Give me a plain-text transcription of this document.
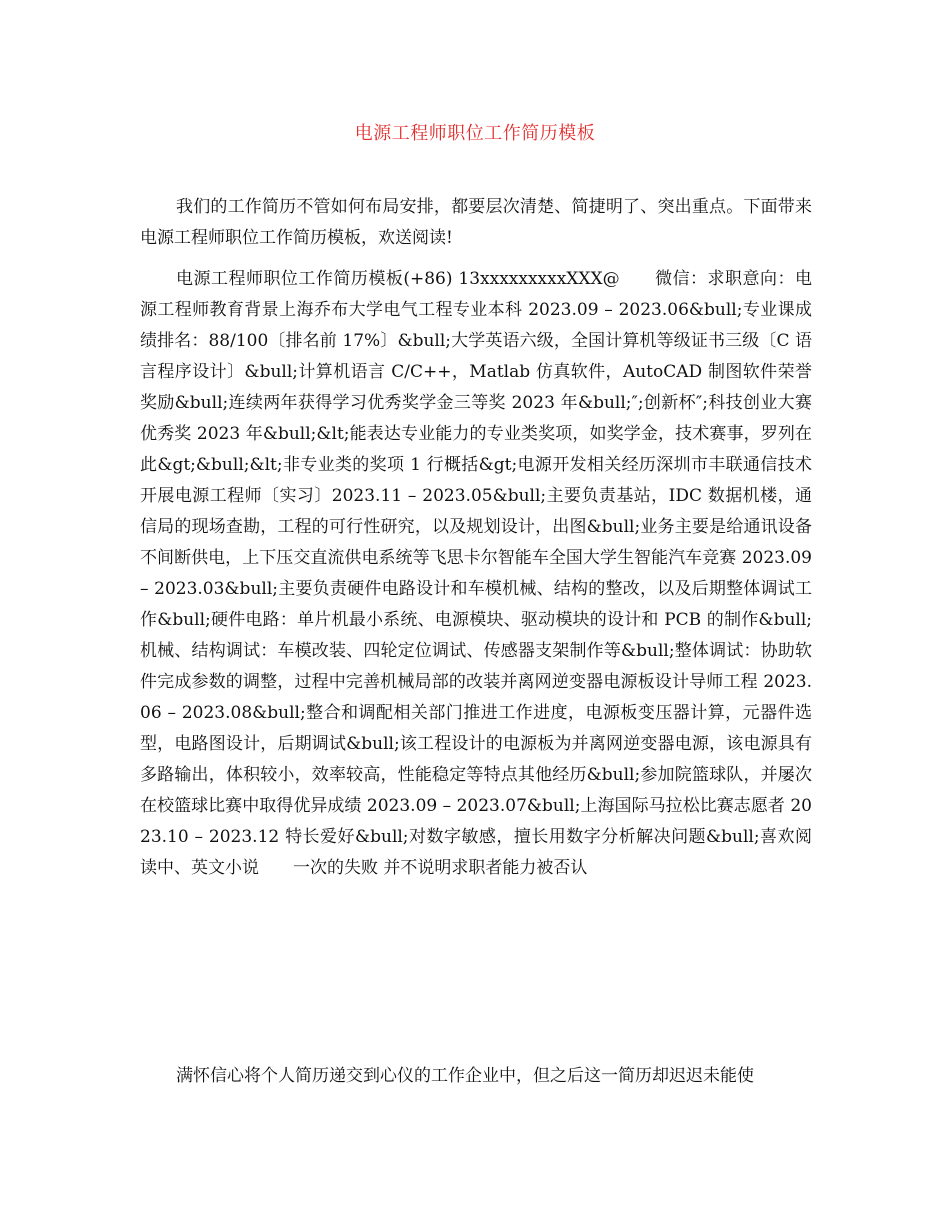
电源工程师职位工作简历模板

我们的工作简历不管如何布局安排，都要层次清楚、简捷明了、突出重点。下面带来电源工程师职位工作简历模板，欢送阅读!

电源工程师职位工作简历模板(+86) 13xxxxxxxxxXXX@　　微信：求职意向：电源工程师教育背景上海乔布大学电气工程专业本科 2023.09 – 2023.06&bull;专业课成绩排名：88/100〔排名前 17%〕&bull;大学英语六级，全国计算机等级证书三级〔C 语言程序设计〕&bull;计算机语言 C/C++，Matlab 仿真软件，AutoCAD 制图软件荣誉奖励&bull;连续两年获得学习优秀奖学金三等奖 2023 年&bull;″;创新杯″;科技创业大赛优秀奖 2023 年&bull;&lt;能表达专业能力的专业类奖项，如奖学金，技术赛事，罗列在此&gt;&bull;&lt;非专业类的奖项 1 行概括&gt;电源开发相关经历深圳市丰联通信技术开展电源工程师〔实习〕2023.11 – 2023.05&bull;主要负责基站，IDC 数据机楼，通信局的现场查勘，工程的可行性研究，以及规划设计，出图&bull;业务主要是给通讯设备不间断供电，上下压交直流供电系统等飞思卡尔智能车全国大学生智能汽车竞赛 2023.09 – 2023.03&bull;主要负责硬件电路设计和车模机械、结构的整改，以及后期整体调试工作&bull;硬件电路：单片机最小系统、电源模块、驱动模块的设计和 PCB 的制作&bull;机械、结构调试：车模改装、四轮定位调试、传感器支架制作等&bull;整体调试：协助软件完成参数的调整，过程中完善机械局部的改装并离网逆变器电源板设计导师工程 2023.06 – 2023.08&bull;整合和调配相关部门推进工作进度，电源板变压器计算，元器件选型，电路图设计，后期调试&bull;该工程设计的电源板为并离网逆变器电源，该电源具有多路输出，体积较小，效率较高，性能稳定等特点其他经历&bull;参加院篮球队，并屡次在校篮球比赛中取得优异成绩 2023.09 – 2023.07&bull;上海国际马拉松比赛志愿者 2023.10 – 2023.12 特长爱好&bull;对数字敏感，擅长用数字分析解决问题&bull;喜欢阅读中、英文小说　　一次的失败 并不说明求职者能力被否认

满怀信心将个人简历递交到心仪的工作企业中，但之后这一简历却迟迟未能使
